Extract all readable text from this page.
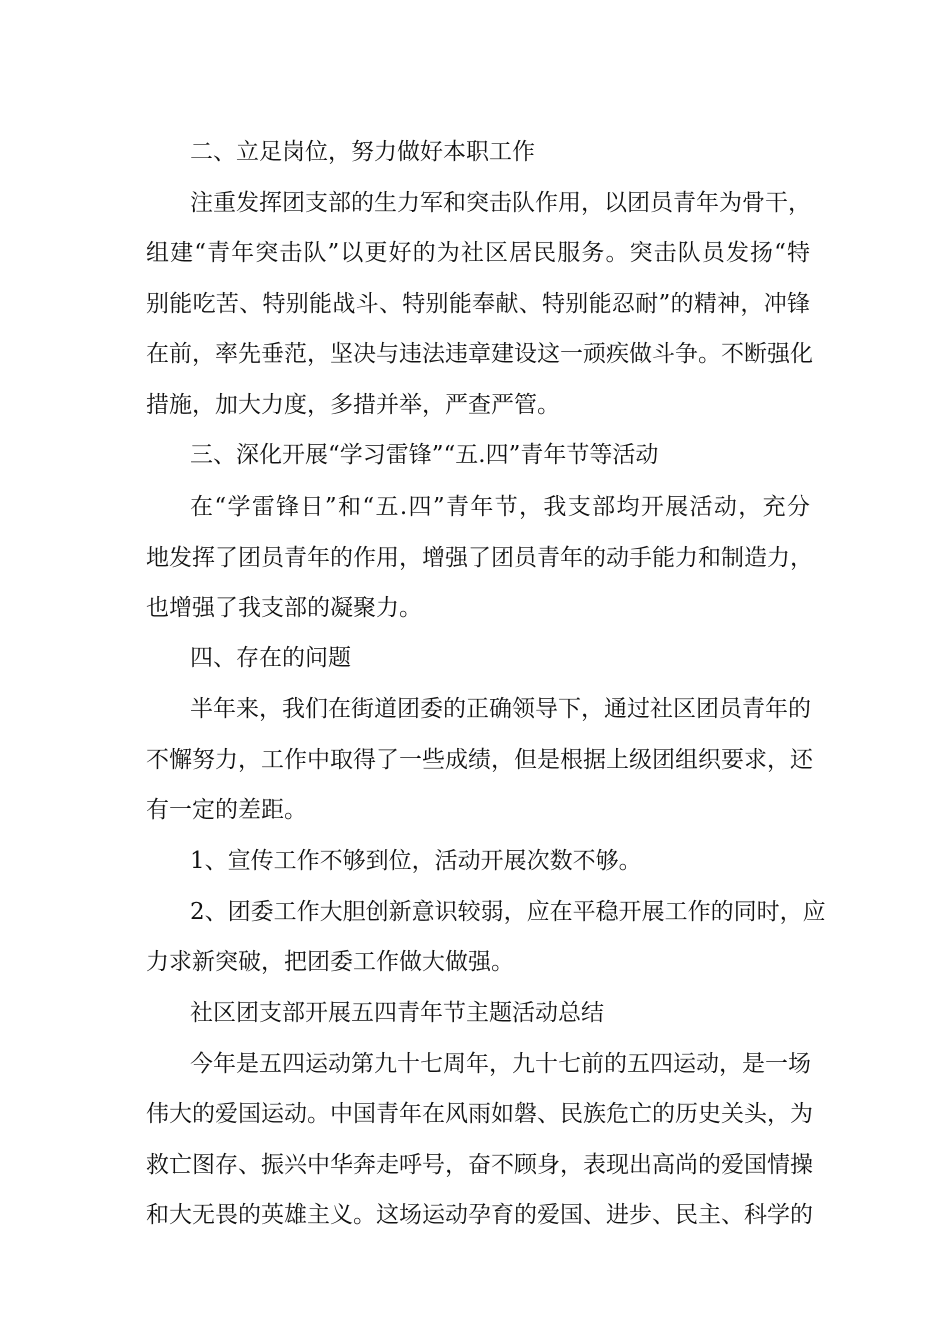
二、立足岗位，努力做好本职工作
注重发挥团支部的生力军和突击队作用，以团员青年为骨干，
组建“青年突击队”以更好的为社区居民服务。突击队员发扬“特
别能吃苦、特别能战斗、特别能奉献、特别能忍耐”的精神，冲锋
在前，率先垂范，坚决与违法违章建设这一顽疾做斗争。不断强化
措施，加大力度，多措并举，严查严管。
三、深化开展“学习雷锋”“五.四”青年节等活动
在“学雷锋日”和“五.四”青年节，我支部均开展活动，充分
地发挥了团员青年的作用，增强了团员青年的动手能力和制造力，
也增强了我支部的凝聚力。
四、存在的问题
半年来，我们在街道团委的正确领导下，通过社区团员青年的
不懈努力，工作中取得了一些成绩，但是根据上级团组织要求，还
有一定的差距。
1、宣传工作不够到位，活动开展次数不够。
2、团委工作大胆创新意识较弱，应在平稳开展工作的同时，应
力求新突破，把团委工作做大做强。
社区团支部开展五四青年节主题活动总结
今年是五四运动第九十七周年，九十七前的五四运动，是一场
伟大的爱国运动。中国青年在风雨如磐、民族危亡的历史关头，为
救亡图存、振兴中华奔走呼号，奋不顾身，表现出高尚的爱国情操
和大无畏的英雄主义。这场运动孕育的爱国、进步、民主、科学的
